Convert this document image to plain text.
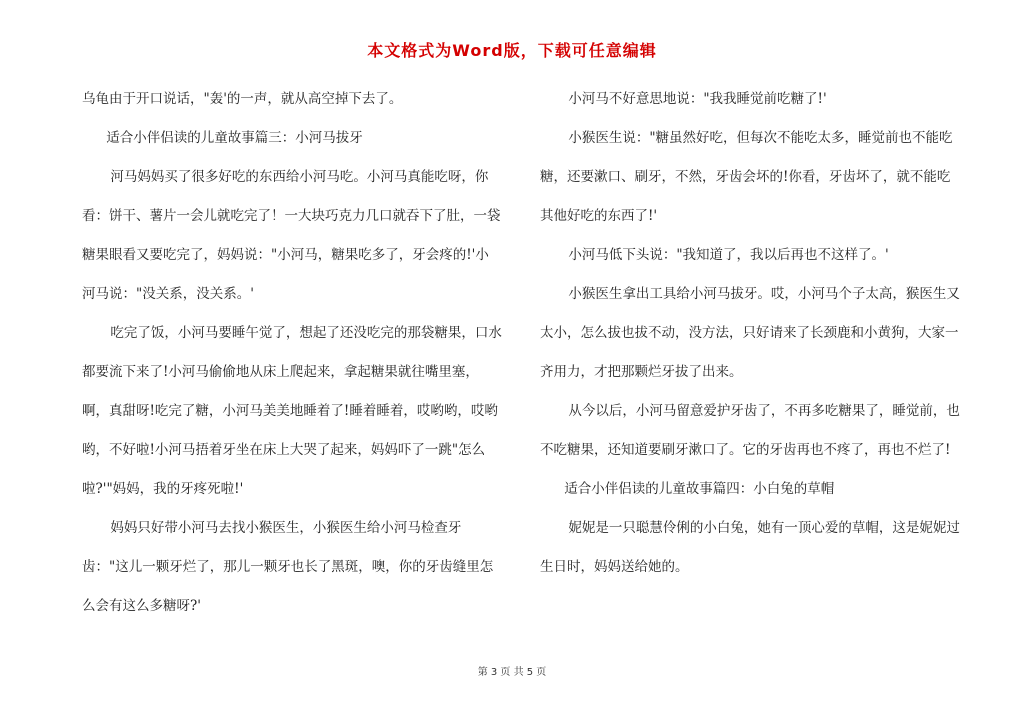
本文格式为Word版，下载可任意编辑

乌龟由于开口说话，"轰'的一声，就从高空掉下去了。

适合小伴侣读的儿童故事篇三：小河马拔牙

河马妈妈买了很多好吃的东西给小河马吃。小河马真能吃呀，你看：饼干、薯片一会儿就吃完了！一大块巧克力几口就吞下了肚，一袋糖果眼看又要吃完了，妈妈说："小河马，糖果吃多了，牙会疼的!'小河马说："没关系，没关系。'

吃完了饭，小河马要睡午觉了，想起了还没吃完的那袋糖果，口水都要流下来了!小河马偷偷地从床上爬起来，拿起糖果就往嘴里塞，啊，真甜呀!吃完了糖，小河马美美地睡着了!睡着睡着，哎哟哟，哎哟哟，不好啦!小河马捂着牙坐在床上大哭了起来，妈妈吓了一跳"怎么啦?'"妈妈，我的牙疼死啦!'

妈妈只好带小河马去找小猴医生，小猴医生给小河马检查牙齿："这儿一颗牙烂了，那儿一颗牙也长了黑斑，噢，你的牙齿缝里怎么会有这么多糖呀?'

小河马不好意思地说："我我睡觉前吃糖了!'

小猴医生说："糖虽然好吃，但每次不能吃太多，睡觉前也不能吃糖，还要漱口、刷牙，不然，牙齿会坏的!你看，牙齿坏了，就不能吃其他好吃的东西了!'

小河马低下头说："我知道了，我以后再也不这样了。'

小猴医生拿出工具给小河马拔牙。哎，小河马个子太高，猴医生又太小，怎么拔也拔不动，没方法，只好请来了长颈鹿和小黄狗，大家一齐用力，才把那颗烂牙拔了出来。

从今以后，小河马留意爱护牙齿了，不再多吃糖果了，睡觉前，也不吃糖果，还知道要刷牙漱口了。它的牙齿再也不疼了，再也不烂了!

适合小伴侣读的儿童故事篇四：小白兔的草帽

妮妮是一只聪慧伶俐的小白兔，她有一顶心爱的草帽，这是妮妮过生日时，妈妈送给她的。

第 3 页 共 5 页
